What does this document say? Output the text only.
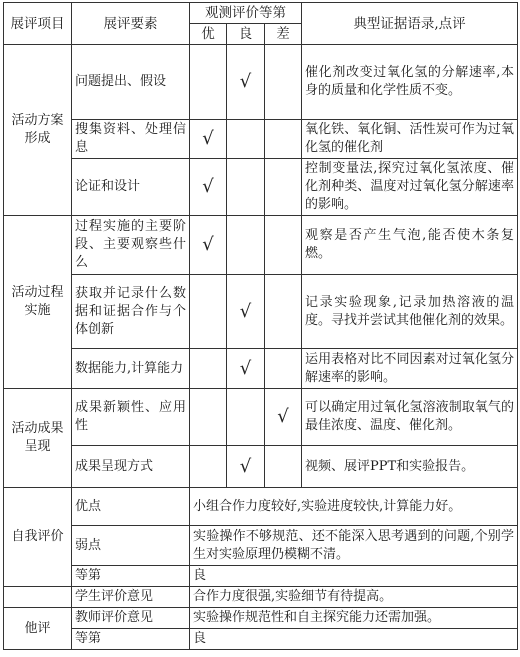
展评项目	展评要素	观测评价等第			典型证据语录,点评
		优	良	差	
活动方案形成	问题提出、假设		√		催化剂改变过氧化氢的分解速率,本身的质量和化学性质不变。
	搜集资料、处理信息	√			氧化铁、氧化铜、活性炭可作为过氧化氢的催化剂
	论证和设计	√			控制变量法,探究过氧化氢浓度、催化剂种类、温度对过氧化氢分解速率的影响。
活动过程实施	过程实施的主要阶段、主要观察些什么	√			观察是否产生气泡,能否使木条复燃。
	获取并记录什么数据和证据合作与个体创新		√		记录实验现象,记录加热溶液的温度。寻找并尝试其他催化剂的效果。
	数据能力,计算能力		√		运用表格对比不同因素对过氧化氢分解速率的影响。
活动成果呈现	成果新颖性、应用性			√	可以确定用过氧化氢溶液制取氧气的最佳浓度、温度、催化剂。
	成果呈现方式		√		视频、展评PPT和实验报告。
自我评价	优点	小组合作力度较好,实验进度较快,计算能力好。			
	弱点	实验操作不够规范、还不能深入思考遇到的问题,个别学生对实验原理仍模糊不清。			
	等第	良			
	学生评价意见	合作力度很强,实验细节有待提高。			
他评	教师评价意见	实验操作规范性和自主探究能力还需加强。			
	等第	良			
